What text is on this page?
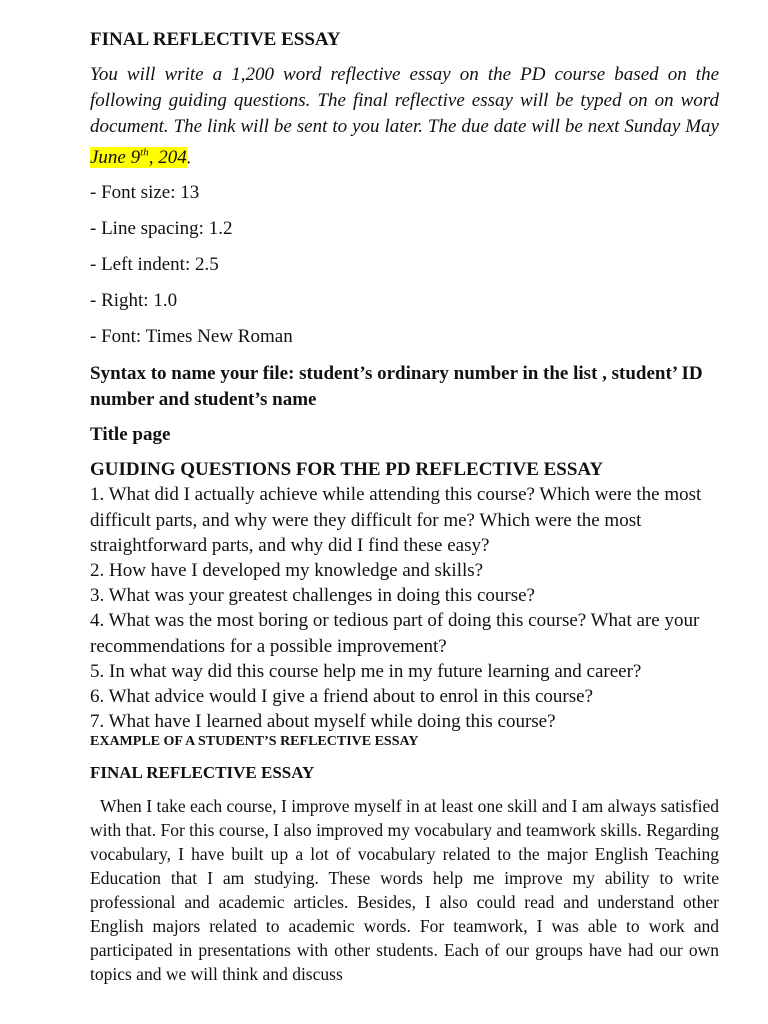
FINAL REFLECTIVE ESSAY

You will write a 1,200 word reflective essay on the PD course based on the following guiding questions. The final reflective essay will be typed on on word document. The link will be sent to you later. The due date will be next Sunday May June 9th, 204.

- Font size: 13
- Line spacing: 1.2
- Left indent: 2.5
- Right: 1.0
- Font: Times New Roman

Syntax to name your file: student’s ordinary number in the list , student’ ID number and student’s name

Title page
GUIDING QUESTIONS FOR THE PD REFLECTIVE ESSAY

1. What did I actually achieve while attending this course? Which were the most difficult parts, and why were they difficult for me? Which were the most straightforward parts, and why did I find these easy?

2. How have I developed my knowledge and skills?

3. What was your greatest challenges in doing this course?

4. What was the most boring or tedious part of doing this course? What are your recommendations for a possible improvement?

5. In what way did this course help me in my future learning and career?

6. What advice would I give a friend about to enrol in this course?

7. What have I learned about myself while doing this course?

EXAMPLE OF A STUDENT’S REFLECTIVE ESSAY
FINAL REFLECTIVE ESSAY

When I take each course, I improve myself in at least one skill and I am always satisfied with that. For this course, I also improved my vocabulary and teamwork skills. Regarding vocabulary, I have built up a lot of vocabulary related to the major English Teaching Education that I am studying. These words help me improve my ability to write professional and academic articles. Besides, I also could read and understand other English majors related to academic words. For teamwork, I was able to work and participated in presentations with other students. Each of our groups have had our own topics and we will think and discuss
